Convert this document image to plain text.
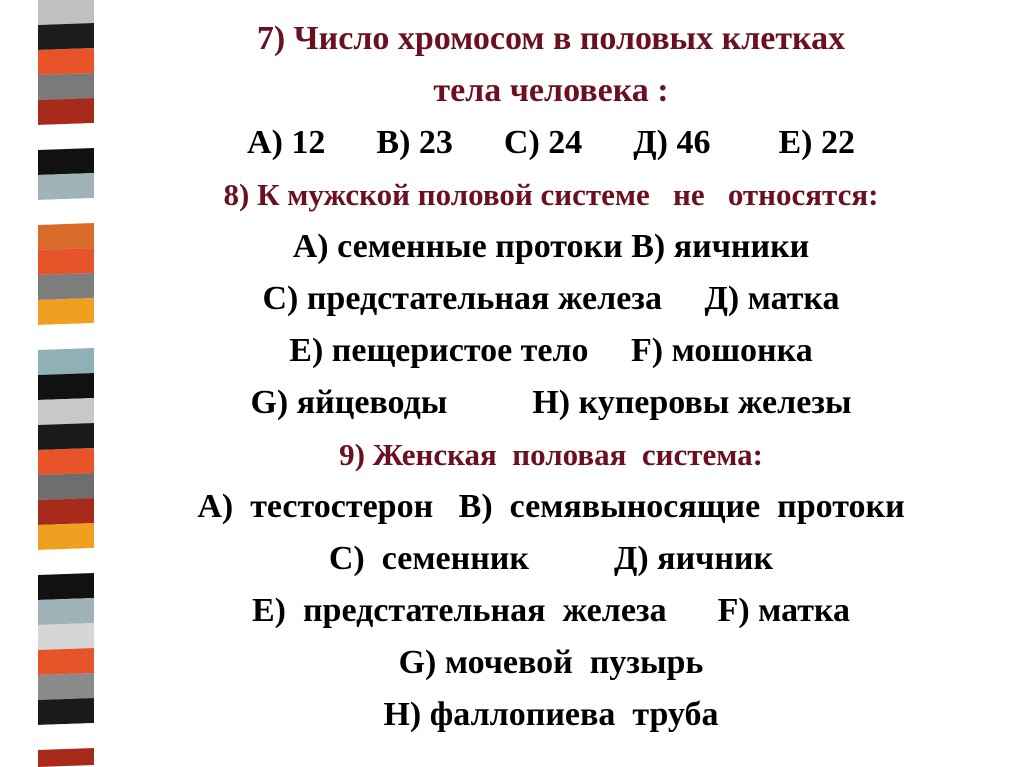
7) Число хромосом в половых клетках
тела человека :
А) 12      В) 23      С) 24      Д) 46        Е) 22
8) К мужской половой системе   не   относятся:
А) семенные протоки В) яичники
С) предстательная железа     Д) матка
Е) пещеристое тело     F) мошонка
G) яйцеводы          Н) куперовы железы
9) Женская  половая  система:
А)  тестостерон   В)  семявыносящие  протоки
С)  семенник          Д) яичник
Е)  предстательная  железа      F) матка
G) мочевой  пузырь
Н) фаллопиева  труба
